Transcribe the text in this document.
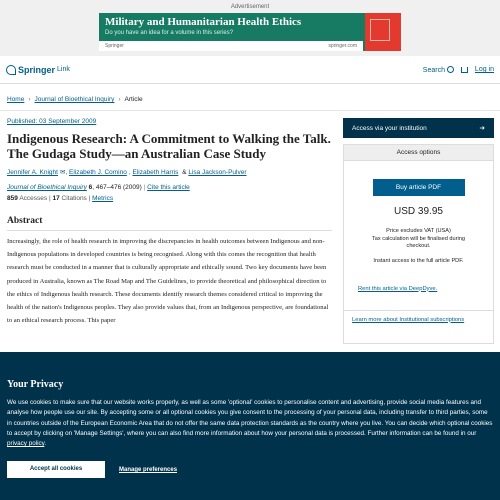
Advertisement
Military and Humanitarian Health Ethics
Do you have an idea for a volume in this series?
Springer	springer.com
Springer Link	Search	Log in
Home › Journal of Bioethical Inquiry › Article
Published: 03 September 2009
Indigenous Research: A Commitment to Walking the Talk. The Gudaga Study—an Australian Case Study
Jennifer A. Knight ✉, Elizabeth J. Comino , Elizabeth Harris & Lisa Jackson-Pulver
Journal of Bioethical Inquiry 6, 467–476 (2009) | Cite this article
859 Accesses | 17 Citations | Metrics
Abstract

Increasingly, the role of health research in improving the discrepancies in health outcomes between Indigenous and non-Indigenous populations in developed countries is being recognised. Along with this comes the recognition that health research must be conducted in a manner that is culturally appropriate and ethically sound. Two key documents have been produced in Australia, known as The Road Map and The Guidelines, to provide theoretical and philosophical direction to the ethics of Indigenous health research. These documents identify research themes considered critical to improving the health of the nation's Indigenous peoples. They also provide values that, from an Indigenous perspective, are foundational to an ethical research process. This paper

Access via your institution	➔
Access options
Buy article PDF
USD 39.95
Price excludes VAT (USA)
Tax calculation will be finalised during
checkout.
Instant access to the full article PDF.
Rent this article via DeepDyve.
Learn more about Institutional subscriptions
Your Privacy

We use cookies to make sure that our website works properly, as well as some 'optional' cookies to personalise content and advertising, provide social media features and analyse how people use our site. By accepting some or all optional cookies you give consent to the processing of your personal data, including transfer to third parties, some in countries outside of the European Economic Area that do not offer the same data protection standards as the country where you live. You can decide which optional cookies to accept by clicking on 'Manage Settings', where you can also find more information about how your personal data is processed. Further information can be found in our privacy policy.

Accept all cookies	Manage preferences
